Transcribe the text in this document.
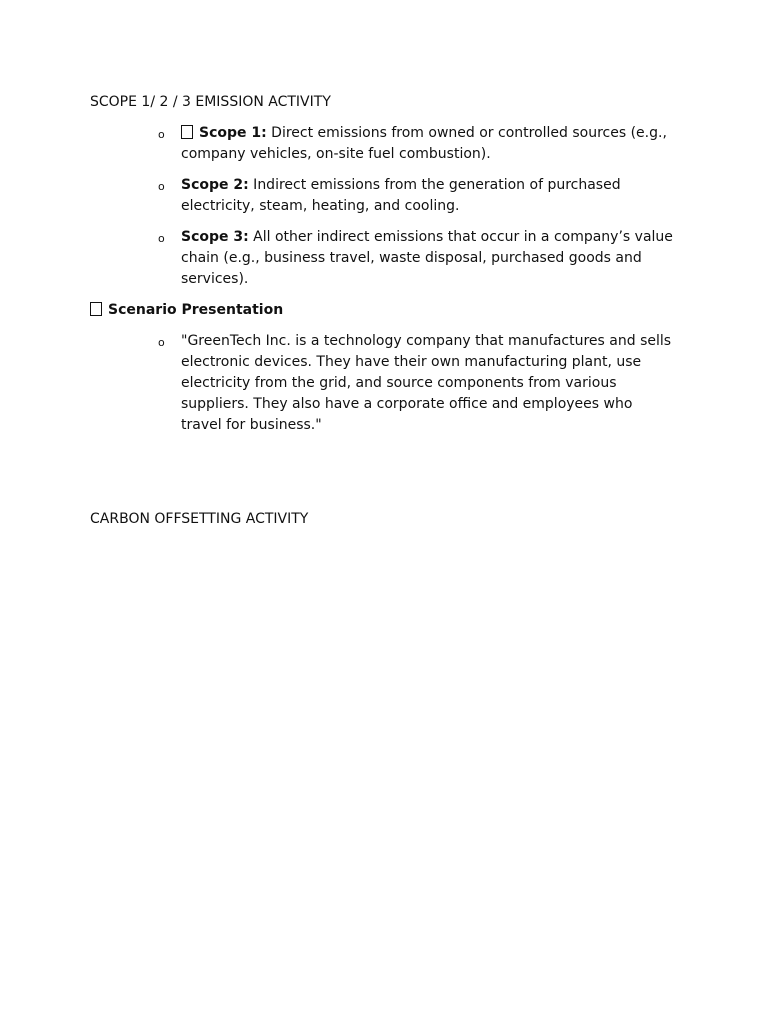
SCOPE 1/ 2 / 3 EMISSION ACTIVITY
o Scope 1: Direct emissions from owned or controlled sources (e.g., company vehicles, on-site fuel combustion).
o Scope 2: Indirect emissions from the generation of purchased electricity, steam, heating, and cooling.
o Scope 3: All other indirect emissions that occur in a company’s value chain (e.g., business travel, waste disposal, purchased goods and services).
Scenario Presentation
o "GreenTech Inc. is a technology company that manufactures and sells electronic devices. They have their own manufacturing plant, use electricity from the grid, and source components from various suppliers. They also have a corporate office and employees who travel for business."
CARBON OFFSETTING ACTIVITY
